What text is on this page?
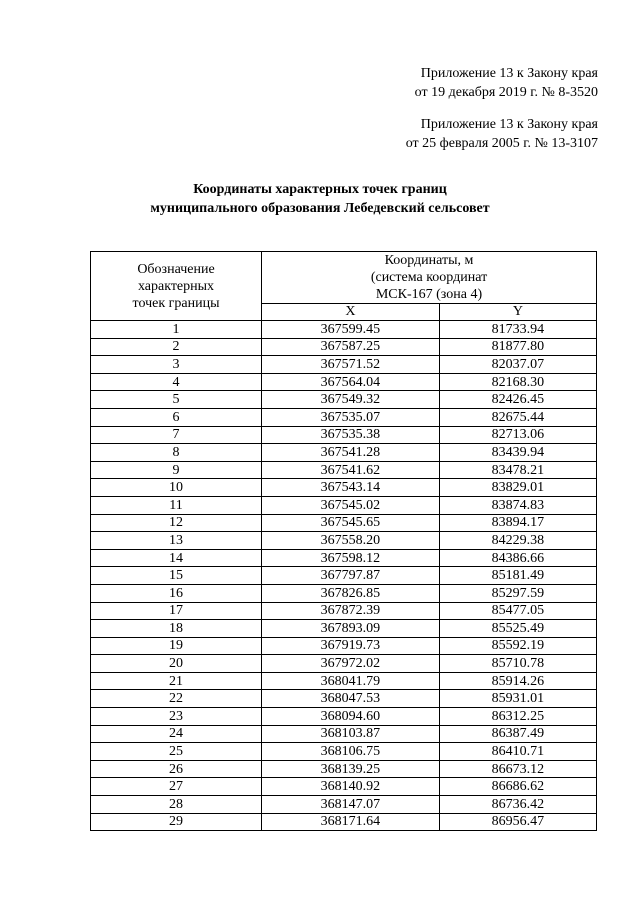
Приложение 13 к Закону края
от 19 декабря 2019 г. № 8-3520
Приложение 13 к Закону края
от 25 февраля 2005 г. № 13-3107
Координаты характерных точек границ
муниципального образования Лебедевский сельсовет
Обозначение
характерных
точек границы	Координаты, м
(система координат
МСК-167 (зона 4)	

	X	Y
1	367599.45	81733.94
2	367587.25	81877.80
3	367571.52	82037.07
4	367564.04	82168.30
5	367549.32	82426.45
6	367535.07	82675.44
7	367535.38	82713.06
8	367541.28	83439.94
9	367541.62	83478.21
10	367543.14	83829.01
11	367545.02	83874.83
12	367545.65	83894.17
13	367558.20	84229.38
14	367598.12	84386.66
15	367797.87	85181.49
16	367826.85	85297.59
17	367872.39	85477.05
18	367893.09	85525.49
19	367919.73	85592.19
20	367972.02	85710.78
21	368041.79	85914.26
22	368047.53	85931.01
23	368094.60	86312.25
24	368103.87	86387.49
25	368106.75	86410.71
26	368139.25	86673.12
27	368140.92	86686.62
28	368147.07	86736.42
29	368171.64	86956.47
